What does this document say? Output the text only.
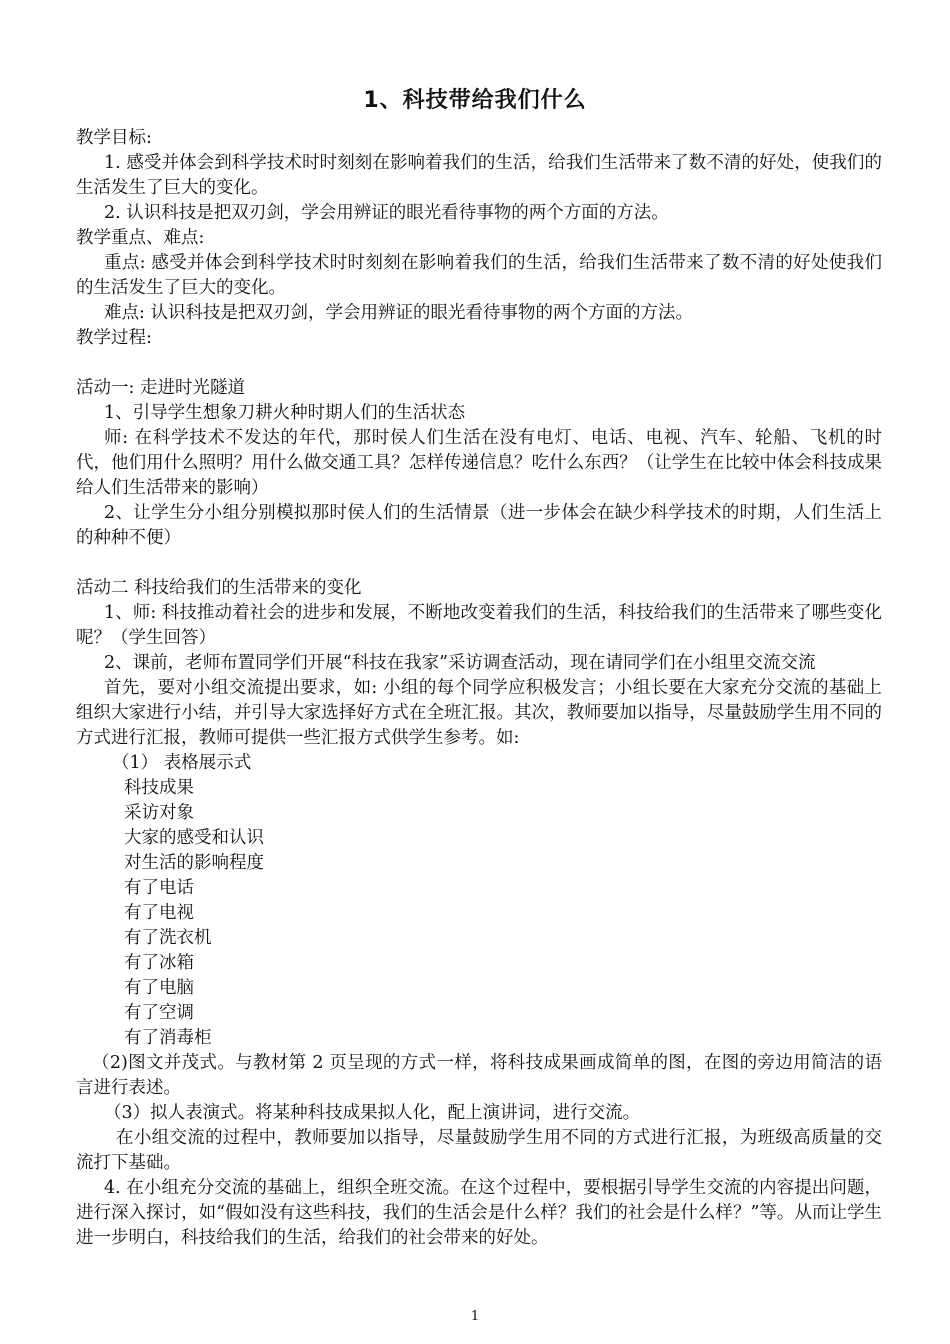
1、科技带给我们什么

教学目标:

1. 感受并体会到科学技术时时刻刻在影响着我们的生活，给我们生活带来了数不清的好处，使我们的生活发生了巨大的变化。

2. 认识科技是把双刃剑，学会用辨证的眼光看待事物的两个方面的方法。

教学重点、难点:

重点: 感受并体会到科学技术时时刻刻在影响着我们的生活，给我们生活带来了数不清的好处使我们的生活发生了巨大的变化。

难点: 认识科技是把双刃剑，学会用辨证的眼光看待事物的两个方面的方法。

教学过程:

活动一: 走进时光隧道

1、引导学生想象刀耕火种时期人们的生活状态

师: 在科学技术不发达的年代，那时侯人们生活在没有电灯、电话、电视、汽车、轮船、飞机的时代，他们用什么照明？用什么做交通工具？怎样传递信息？吃什么东西？（让学生在比较中体会科技成果给人们生活带来的影响）

2、让学生分小组分别模拟那时侯人们的生活情景（进一步体会在缺少科学技术的时期，人们生活上的种种不便）

活动二 科技给我们的生活带来的变化

1、师: 科技推动着社会的进步和发展，不断地改变着我们的生活，科技给我们的生活带来了哪些变化呢？（学生回答）

2、课前，老师布置同学们开展“科技在我家”采访调查活动，现在请同学们在小组里交流交流

首先，要对小组交流提出要求，如: 小组的每个同学应积极发言；小组长要在大家充分交流的基础上组织大家进行小结，并引导大家选择好方式在全班汇报。其次，教师要加以指导，尽量鼓励学生用不同的方式进行汇报，教师可提供一些汇报方式供学生参考。如:

（1） 表格展示式

科技成果

采访对象

大家的感受和认识

对生活的影响程度

有了电话

有了电视

有了洗衣机

有了冰箱

有了电脑

有了空调

有了消毒柜

（2)图文并茂式。与教材第 2 页呈现的方式一样，将科技成果画成简单的图，在图的旁边用简洁的语言进行表述。

（3）拟人表演式。将某种科技成果拟人化，配上演讲词，进行交流。

在小组交流的过程中，教师要加以指导，尽量鼓励学生用不同的方式进行汇报，为班级高质量的交流打下基础。

4. 在小组充分交流的基础上，组织全班交流。在这个过程中，要根据引导学生交流的内容提出问题，进行深入探讨，如“假如没有这些科技，我们的生活会是什么样？我们的社会是什么样？”等。从而让学生进一步明白，科技给我们的生活，给我们的社会带来的好处。

1
